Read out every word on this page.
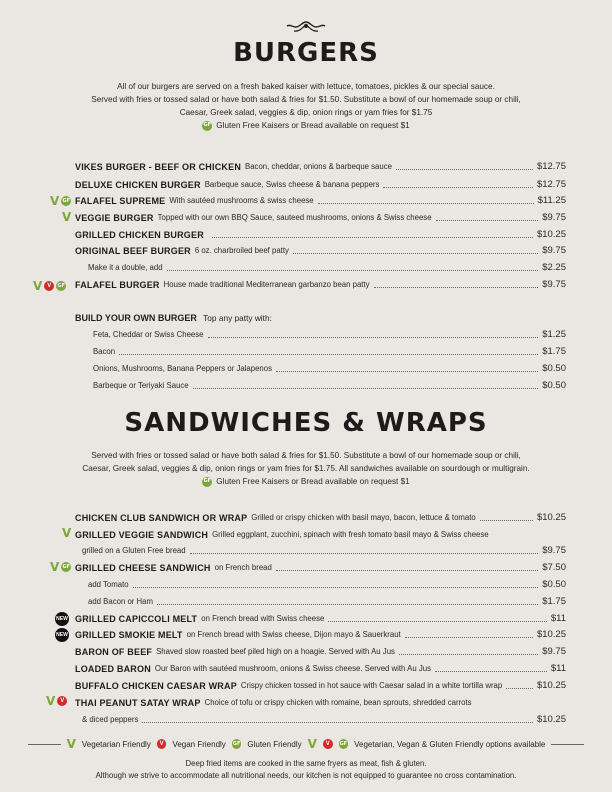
BURGERS
All of our burgers are served on a fresh baked kaiser with lettuce, tomatoes, pickles & our special sauce.
Served with fries or tossed salad or have both salad & fries for $1.50. Substitute a bowl of our homemade soup or chili,
Caesar, Greek salad, veggies & dip, onion rings or yam fries for $1.75
GF Gluten Free Kaisers or Bread available on request $1
V GF
V
V V	GF
VIKES BURGER - BEEF OR CHICKEN Bacon, cheddar, onions & barbeque sauce	$12.75
DELUXE CHICKEN BURGER Barbeque sauce, Swiss cheese & banana peppers	$12.75
FALAFEL SUPREME With sautéed mushrooms & swiss cheese	$11.25
VEGGIE BURGER Topped with our own BBQ Sauce, sauteed mushrooms, onions & Swiss cheese	$9.75
GRILLED CHICKEN BURGER	$10.25
ORIGINAL BEEF BURGER 6 oz. charbroiled beef patty	$9.75
Make it a double, add	$2.25
FALAFEL BURGER House made traditional Mediterranean garbanzo bean patty	$9.75
BUILD YOUR OWN BURGER Top any patty with:
Feta, Cheddar or Swiss Cheese	$1.25
Bacon	$1.75
Onions, Mushrooms, Banana Peppers or Jalapenos	$0.50
Barbeque or Teriyaki Sauce	$0.50
SANDWICHES & WRAPS
Served with fries or tossed salad or have both salad & fries for $1.50. Substitute a bowl of our homemade soup or chili,
Caesar, Greek salad, veggies & dip, onion rings or yam fries for $1.75. All sandwiches available on sourdough or multigrain.
GF Gluten Free Kaisers or Bread available on request $1
V
V GF
NEW
NEW
V V
CHICKEN CLUB SANDWICH OR WRAP Grilled or crispy chicken with basil mayo, bacon, lettuce & tomato	$10.25
GRILLED VEGGIE SANDWICH Grilled eggplant, zucchini, spinach with fresh tomato basil mayo & Swiss cheese
grilled on a Gluten Free bread	$9.75
GRILLED CHEESE SANDWICH on French bread	$7.50
add Tomato	$0.50
add Bacon or Ham	$1.75
GRILLED CAPICCOLI MELT on French bread with Swiss cheese	$11
GRILLED SMOKIE MELT on French bread with Swiss cheese, Dijon mayo & Sauerkraut	$10.25
BARON OF BEEF Shaved slow roasted beef piled high on a hoagie. Served with Au Jus	$9.75
LOADED BARON Our Baron with sautéed mushroom, onions & Swiss cheese. Served with Au Jus	$11
BUFFALO CHICKEN CAESAR WRAP Crispy chicken tossed in hot sauce with Caesar salad in a white tortilla wrap	$10.25
THAI PEANUT SATAY WRAP Choice of tofu or crispy chicken with romaine, bean sprouts, shredded carrots
& diced peppers	$10.25
V Vegetarian Friendly	V	Vegan Friendly GF Gluten Friendly V	V	GF Vegetarian, Vegan & Gluten Friendly options available
Deep fried items are cooked in the same fryers as meat, fish & gluten.
Although we strive to accommodate all nutritional needs, our kitchen is not equipped to guarantee no cross contamination.
